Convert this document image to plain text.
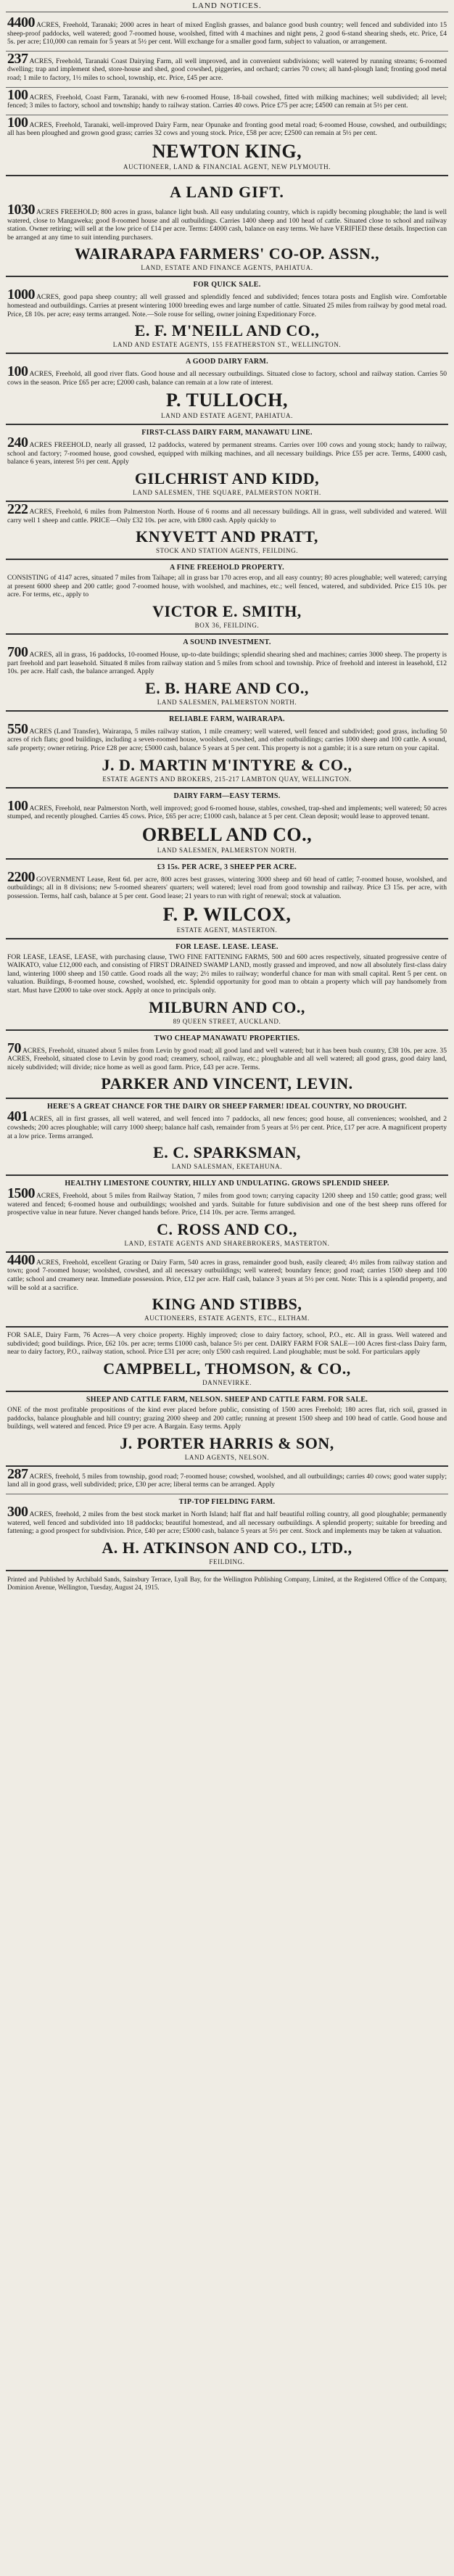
LAND NOTICES.
4400 ACRES, Freehold, Taranaki; 2000 acres in heart of mixed English grasses, and balance good bush country; well fenced and subdivided into 15 sheep-proof paddocks, well watered; good 7-roomed house, woolshed, fitted with 4 machines and night pens, 2 good 6-stand shearing sheds, etc. Price, £4 5s. per acre; £10,000 can remain for 5 years at 5½ per cent. Will exchange for a smaller good farm, subject to valuation, or arrangement.
237 ACRES, Freehold, Taranaki Coast Dairying Farm, all well improved, and in convenient subdivisions; well watered by running streams; 6-roomed dwelling; trap and implement shed, store-house and shed, good cowshed, piggeries, and orchard; carries 70 cows; all hand-plough land; fronting good metal road; 1 mile to factory, 1½ miles to school, township, etc. Price, £45 per acre.
100 ACRES, Freehold, Coast Farm, Taranaki, with new 6-roomed House, 18-bail cowshed, fitted with milking machines; well subdivided; all level; fenced; 3 miles to factory, school and township; handy to railway station. Carries 40 cows. Price £75 per acre; £4500 can remain at 5½ per cent.
100 ACRES, Freehold, Taranaki, well-improved Dairy Farm, near Opunake and fronting good metal road; 6-roomed House, cowshed, and outbuildings; all has been ploughed and grown good grass; carries 32 cows and young stock. Price, £58 per acre; £2500 can remain at 5½ per cent.
NEWTON KING,
AUCTIONEER, LAND & FINANCIAL AGENT, NEW PLYMOUTH.
A LAND GIFT.
1030 ACRES FREEHOLD; 800 acres in grass, balance light bush. All easy undulating country, which is rapidly becoming ploughable; the land is well watered, close to Mangaweka; good 8-roomed house and all outbuildings. Carries 1400 sheep and 100 head of cattle. Situated close to school and railway station. Owner retiring; will sell at the low price of £14 per acre. Terms: £4000 cash, balance on easy terms. We have VERIFIED these details. Inspection can be arranged at any time to suit intending purchasers.
WAIRARAPA FARMERS' CO-OP. ASSN.,
LAND, ESTATE AND FINANCE AGENTS, PAHIATUA.
FOR QUICK SALE.
1000 ACRES, good papa sheep country; all well grassed and splendidly fenced and subdivided; fences totara posts and English wire. Comfortable homestead and outbuildings. Carries at present wintering 1000 breeding ewes and large number of cattle. Situated 25 miles from railway by good metal road. Price, £8 10s. per acre; easy terms arranged. Note.—Sole rouse for selling, owner joining Expeditionary Force.
E. F. M'NEILL AND CO.,
LAND AND ESTATE AGENTS, 155 FEATHERSTON ST., WELLINGTON.
A GOOD DAIRY FARM.
100 ACRES, Freehold, all good river flats. Good house and all necessary outbuildings. Situated close to factory, school and railway station. Carries 50 cows in the season. Price £65 per acre; £2000 cash, balance can remain at a low rate of interest.
P. TULLOCH,
LAND AND ESTATE AGENT, PAHIATUA.
FIRST-CLASS DAIRY FARM, MANAWATU LINE.
240 ACRES FREEHOLD, nearly all grassed, 12 paddocks, watered by permanent streams. Carries over 100 cows and young stock; handy to railway, school and factory; 7-roomed house, good cowshed, equipped with milking machines, and all necessary buildings. Price £55 per acre. Terms, £4000 cash, balance 6 years, interest 5½ per cent. Apply
GILCHRIST AND KIDD,
LAND SALESMEN, THE SQUARE, PALMERSTON NORTH.
222 ACRES, Freehold, 6 miles from Palmerston North. House of 6 rooms and all necessary buildings. All in grass, well subdivided and watered. Will carry well 1 sheep and cattle. PRICE—Only £32 10s. per acre, with £800 cash. Apply quickly to
KNYVETT AND PRATT,
STOCK AND STATION AGENTS, FEILDING.
A FINE FREEHOLD PROPERTY.
CONSISTING of 4147 acres, situated 7 miles from Taihape; all in grass bar 170 acres erop, and all easy country; 80 acres ploughable; well watered; carrying at present 6000 sheep and 200 cattle; good 7-roomed house, with woolshed, and machines, etc.; well fenced, watered, and subdivided. Price £15 10s. per acre. For terms, etc., apply to
VICTOR E. SMITH,
BOX 36, FEILDING.
A SOUND INVESTMENT.
700 ACRES, all in grass, 16 paddocks, 10-roomed House, up-to-date buildings; splendid shearing shed and machines; carries 3000 sheep. The property is part freehold and part leasehold. Situated 8 miles from railway station and 5 miles from school and township. Price of freehold and interest in leasehold, £12 10s. per acre. Half cash, the balance arranged. Apply
E. B. HARE AND CO.,
LAND SALESMEN, PALMERSTON NORTH.
RELIABLE FARM, WAIRARAPA.
550 ACRES (Land Transfer), Wairarapa, 5 miles railway station, 1 mile creamery; well watered, well fenced and subdivided; good grass, including 50 acres of rich flats; good buildings, including a seven-roomed house, woolshed, cowshed, and other outbuildings; carries 1000 sheep and 100 cattle. A sound, safe property; owner retiring. Price £28 per acre; £5000 cash, balance 5 years at 5 per cent. This property is not a gamble; it is a sure return on your capital.
J. D. MARTIN M'INTYRE & CO.,
ESTATE AGENTS AND BROKERS, 215-217 LAMBTON QUAY, WELLINGTON.
DAIRY FARM—EASY TERMS.
100 ACRES, Freehold, near Palmerston North, well improved; good 6-roomed house, stables, cowshed, trap-shed and implements; well watered; 50 acres stumped, and recently ploughed. Carries 45 cows. Price, £65 per acre; £1000 cash, balance at 5 per cent. Clean deposit; would lease to approved tenant.
ORBELL AND CO.,
LAND SALESMEN, PALMERSTON NORTH.
£3 15s. PER ACRE, 3 SHEEP PER ACRE.
2200 GOVERNMENT Lease, Rent 6d. per acre, 800 acres best grasses, wintering 3000 sheep and 60 head of cattle; 7-roomed house, woolshed, and outbuildings; all in 8 divisions; new 5-roomed shearers' quarters; well watered; level road from good township and railway. Price £3 15s. per acre, with possession. Terms, half cash, balance at 5 per cent. Good lease; 21 years to run with right of renewal; stock at valuation.
F. P. WILCOX,
ESTATE AGENT, MASTERTON.
FOR LEASE. LEASE. LEASE.
FOR LEASE, LEASE, LEASE, with purchasing clause, TWO FINE FATTENING FARMS, 500 and 600 acres respectively, situated progressive centre of WAIKATO, value £12,000 each, and consisting of FIRST DRAINED SWAMP LAND, mostly grassed and improved, and now all absolutely first-class dairy land, wintering 1000 sheep and 150 cattle. Good roads all the way; 2½ miles to railway; wonderful chance for man with small capital. Rent 5 per cent. on valuation. Buildings, 8-roomed house, cowshed, woolshed, etc. Splendid opportunity for good man to obtain a property which will pay handsomely from start. Must have £2000 to take over stock. Apply at once to principals only.
MILBURN AND CO.,
89 QUEEN STREET, AUCKLAND.
TWO CHEAP MANAWATU PROPERTIES.
70 ACRES, Freehold, situated about 5 miles from Levin by good road; all good land and well watered; but it has been bush country, £38 10s. per acre. 35 ACRES, Freehold, situated close to Levin by good road; creamery, school, railway, etc.; ploughable and all well watered; all good grass, good dairy land, nicely subdivided; will divide; nice home as well as good farm. Price, £43 per acre. Terms.
PARKER AND VINCENT, LEVIN.
HERE'S A GREAT CHANCE FOR THE DAIRY OR SHEEP FARMER! IDEAL COUNTRY, NO DROUGHT.
401 ACRES, all in first grasses, all well watered, and well fenced into 7 paddocks, all new fences; good house, all conveniences; woolshed, and 2 cowsheds; 200 acres ploughable; will carry 1000 sheep; balance half cash, remainder from 5 years at 5½ per cent. Price, £17 per acre. A magnificent property at a low price. Terms arranged.
E. C. SPARKSMAN,
LAND SALESMAN, EKETAHUNA.
HEALTHY LIMESTONE COUNTRY, HILLY AND UNDULATING. GROWS SPLENDID SHEEP.
1500 ACRES, Freehold, about 5 miles from Railway Station, 7 miles from good town; carrying capacity 1200 sheep and 150 cattle; good grass; well watered and fenced; 6-roomed house and outbuildings; woolshed and yards. Suitable for future subdivision and one of the best sheep runs offered for prospective value in near future. Never changed hands before. Price, £14 10s. per acre. Terms arranged.
C. ROSS AND CO.,
LAND, ESTATE AGENTS AND SHAREBROKERS, MASTERTON.
4400 ACRES, Freehold, excellent Grazing or Dairy Farm, 540 acres in grass, remainder good bush, easily cleared; 4½ miles from railway station and town; good 7-roomed house; woolshed, cowshed, and all necessary outbuildings; well watered; boundary fence; good road; carries 1500 sheep and 100 cattle; school and creamery near. Immediate possession. Price, £12 per acre. Half cash, balance 3 years at 5½ per cent. Note: This is a splendid property, and will be sold at a sacrifice.
KING AND STIBBS,
AUCTIONEERS, ESTATE AGENTS, ETC., ELTHAM.
FOR SALE, Dairy Farm, 76 Acres—A very choice property. Highly improved; close to dairy factory, school, P.O., etc. All in grass. Well watered and subdivided; good buildings. Price, £62 10s. per acre; terms £1000 cash, balance 5½ per cent. DAIRY FARM FOR SALE—100 Acres first-class Dairy farm, near to dairy factory, P.O., railway station, school. Price £31 per acre; only £500 cash required. Land ploughable; must be sold. For particulars apply
CAMPBELL, THOMSON, & CO.,
DANNEVIRKE.
SHEEP AND CATTLE FARM, NELSON. SHEEP AND CATTLE FARM. FOR SALE.
ONE of the most profitable propositions of the kind ever placed before public, consisting of 1500 acres Freehold; 180 acres flat, rich soil, grassed in paddocks, balance ploughable and hill country; grazing 2000 sheep and 200 cattle; running at present 1500 sheep and 100 head of cattle. Good house and buildings, well watered and fenced. Price £9 per acre. A Bargain. Easy terms. Apply
J. PORTER HARRIS & SON,
LAND AGENTS, NELSON.
287 ACRES, freehold, 5 miles from township, good road; 7-roomed house; cowshed, woolshed, and all outbuildings; carries 40 cows; good water supply; land all in good grass, well subdivided; price, £30 per acre; liberal terms can be arranged. Apply
TIP-TOP FIELDING FARM.
300 ACRES, freehold, 2 miles from the best stock market in North Island; half flat and half beautiful rolling country, all good ploughable; permanently watered, well fenced and subdivided into 18 paddocks; beautiful homestead, and all necessary outbuildings. A splendid property; suitable for breeding and fattening; a good prospect for subdivision. Price, £40 per acre; £5000 cash, balance 5 years at 5½ per cent. Stock and implements may be taken at valuation.
A. H. ATKINSON AND CO., LTD.,
FEILDING.
Printed and Published by Archibald Sands, Sainsbury Terrace, Lyall Bay, for the Wellington Publishing Company, Limited, at the Registered Office of the Company, Dominion Avenue, Wellington, Tuesday, August 24, 1915.
